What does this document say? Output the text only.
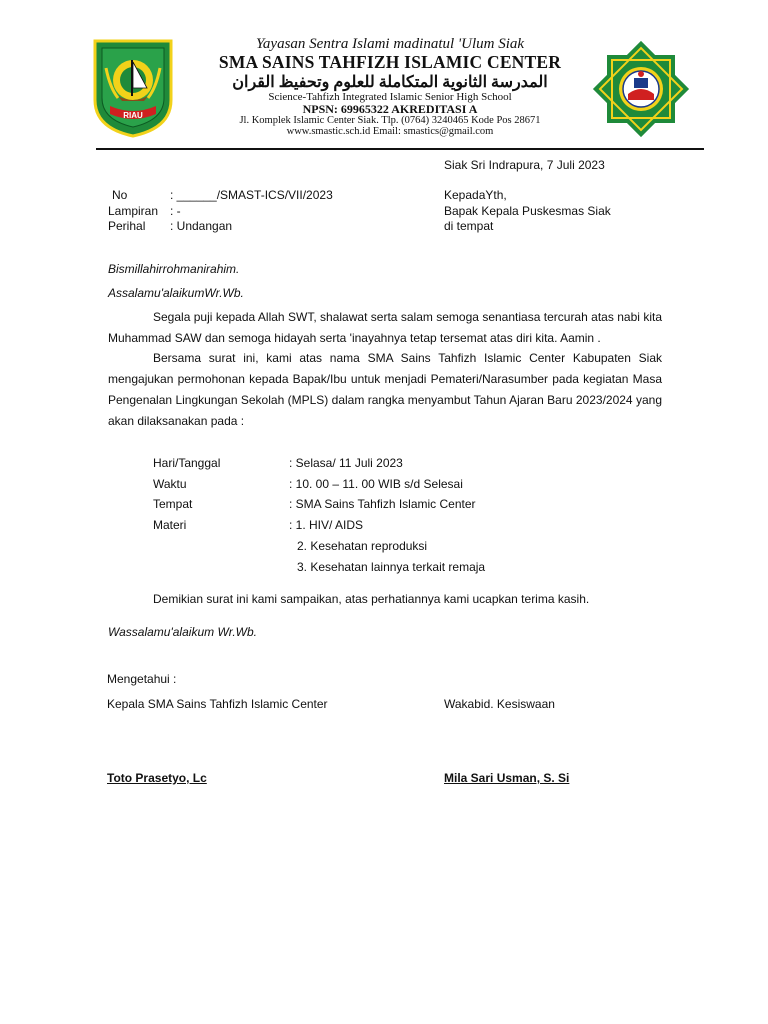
RIAU
Yayasan Sentra Islami madinatul 'Ulum Siak
SMA SAINS TAHFIZH ISLAMIC CENTER
المدرسة الثانوية المتكاملة للعلوم وتحفيظ القران
Science-Tahfizh Integrated Islamic Senior High School
NPSN: 69965322 AKREDITASI A
Jl. Komplek Islamic Center Siak. Tlp. (0764) 3240465 Kode Pos 28671
www.smastic.sch.id Email: smastics@gmail.com
Siak Sri Indrapura, 7 Juli 2023
No	: ______/SMAST-ICS/VII/2023
Lampiran : -
Perihal : Undangan
KepadaYth,
Bapak Kepala Puskesmas Siak
di tempat
Bismillahirrohmanirahim.
Assalamu'alaikumWr.Wb.
Segala puji kepada Allah SWT, shalawat serta salam semoga senantiasa tercurah atas nabi kita Muhammad SAW dan semoga hidayah serta 'inayahnya tetap tersemat atas diri kita. Aamin .
Bersama surat ini, kami atas nama SMA Sains Tahfizh Islamic Center Kabupaten Siak mengajukan permohonan kepada Bapak/Ibu untuk menjadi Pemateri/Narasumber pada kegiatan Masa Pengenalan Lingkungan Sekolah (MPLS) dalam rangka menyambut Tahun Ajaran Baru 2023/2024 yang akan dilaksanakan pada :
Hari/Tanggal	: Selasa/ 11 Juli 2023
Waktu	: 10. 00 – 11. 00 WIB s/d Selesai
Tempat	: SMA Sains Tahfizh Islamic Center
Materi	: 1. HIV/ AIDS
2. Kesehatan reproduksi
3. Kesehatan lainnya terkait remaja
Demikian surat ini kami sampaikan, atas perhatiannya kami ucapkan terima kasih.
Wassalamu'alaikum Wr.Wb.
Mengetahui :
Kepala SMA Sains Tahfizh Islamic Center	Wakabid. Kesiswaan
Toto Prasetyo, Lc	Mila Sari Usman, S. Si
